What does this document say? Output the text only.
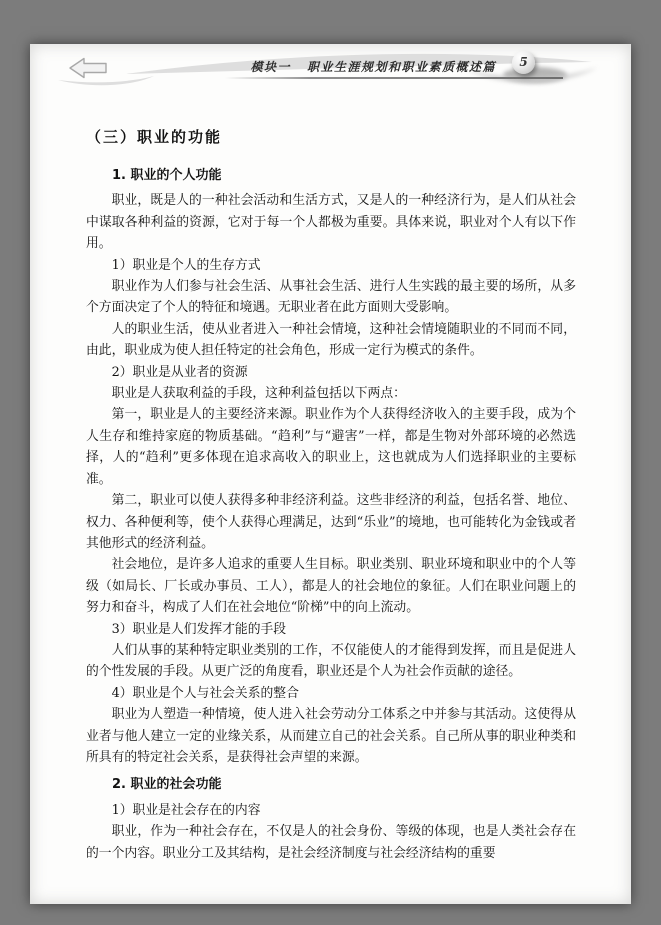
模块一 职业生涯规划和职业素质概述篇	5
（三）职业的功能
1. 职业的个人功能

职业，既是人的一种社会活动和生活方式，又是人的一种经济行为，是人们从社会中谋取各种利益的资源，它对于每一个人都极为重要。具体来说，职业对个人有以下作用。

1）职业是个人的生存方式

职业作为人们参与社会生活、从事社会生活、进行人生实践的最主要的场所，从多个方面决定了个人的特征和境遇。无职业者在此方面则大受影响。

人的职业生活，使从业者进入一种社会情境，这种社会情境随职业的不同而不同，由此，职业成为使人担任特定的社会角色，形成一定行为模式的条件。

2）职业是从业者的资源

职业是人获取利益的手段，这种利益包括以下两点：

第一，职业是人的主要经济来源。职业作为个人获得经济收入的主要手段，成为个人生存和维持家庭的物质基础。“趋利”与“避害”一样，都是生物对外部环境的必然选择，人的“趋利”更多体现在追求高收入的职业上，这也就成为人们选择职业的主要标准。

第二，职业可以使人获得多种非经济利益。这些非经济的利益，包括名誉、地位、权力、各种便利等，使个人获得心理满足，达到“乐业”的境地，也可能转化为金钱或者其他形式的经济利益。

社会地位，是许多人追求的重要人生目标。职业类别、职业环境和职业中的个人等级（如局长、厂长或办事员、工人），都是人的社会地位的象征。人们在职业问题上的努力和奋斗，构成了人们在社会地位“阶梯”中的向上流动。

3）职业是人们发挥才能的手段

人们从事的某种特定职业类别的工作，不仅能使人的才能得到发挥，而且是促进人的个性发展的手段。从更广泛的角度看，职业还是个人为社会作贡献的途径。

4）职业是个人与社会关系的整合

职业为人塑造一种情境，使人进入社会劳动分工体系之中并参与其活动。这使得从业者与他人建立一定的业缘关系，从而建立自己的社会关系。自己所从事的职业种类和所具有的特定社会关系，是获得社会声望的来源。

2. 职业的社会功能

1）职业是社会存在的内容

职业，作为一种社会存在，不仅是人的社会身份、等级的体现，也是人类社会存在的一个内容。职业分工及其结构，是社会经济制度与社会经济结构的重要
